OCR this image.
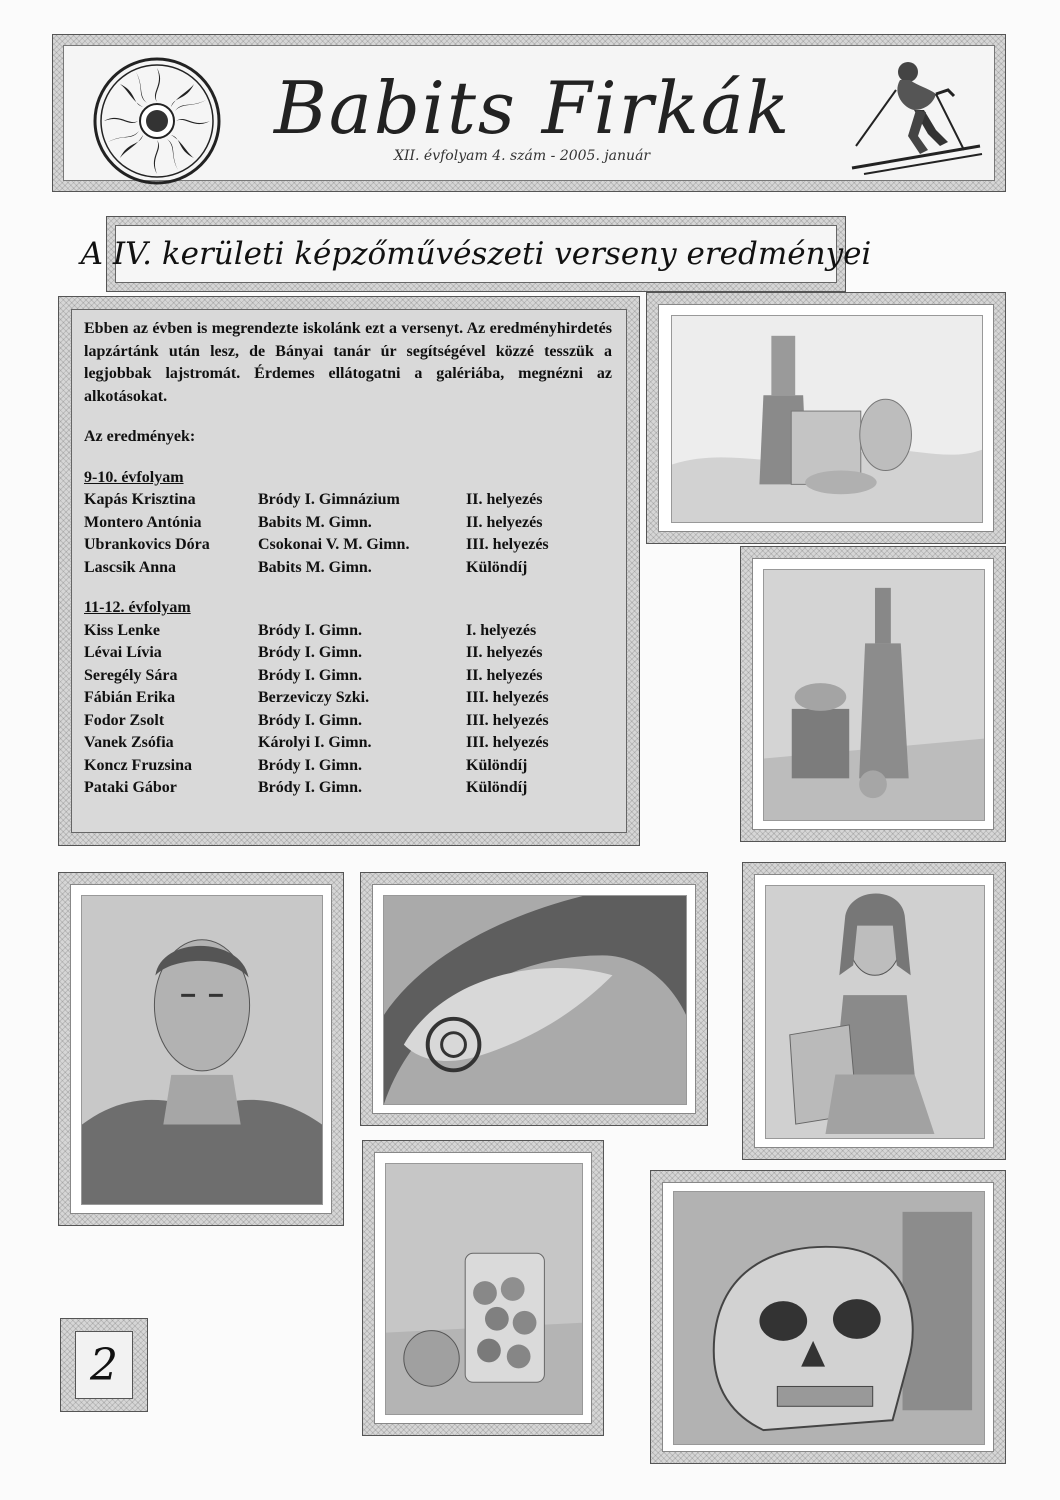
Babits Firkák
XII. évfolyam 4. szám - 2005. január
A IV. kerületi képzőművészeti verseny eredményei

Ebben az évben is megrendezte iskolánk ezt a versenyt. Az eredményhirdetés lapzártánk után lesz, de Bányai tanár úr segítségével közzé tesszük a legjobbak lajstromát. Érdemes ellátogatni a galériába, megnézni az alkotásokat.

Az eredmények:

9-10. évfolyam
Kapás Krisztina	Bródy I. Gimnázium	II. helyezés
Montero Antónia	Babits M. Gimn.	II. helyezés
Ubrankovics Dóra	Csokonai V. M. Gimn.	III. helyezés
Lascsik Anna	Babits M. Gimn.	Különdíj
11-12. évfolyam
Kiss Lenke	Bródy I. Gimn.	I. helyezés
Lévai Lívia	Bródy I. Gimn.	II. helyezés
Seregély Sára	Bródy I. Gimn.	II. helyezés
Fábián Erika	Berzeviczy Szki.	III. helyezés
Fodor Zsolt	Bródy I. Gimn.	III. helyezés
Vanek Zsófia	Károlyi I. Gimn.	III. helyezés
Koncz Fruzsina	Bródy I. Gimn.	Különdíj
Pataki Gábor	Bródy I. Gimn.	Különdíj
2
